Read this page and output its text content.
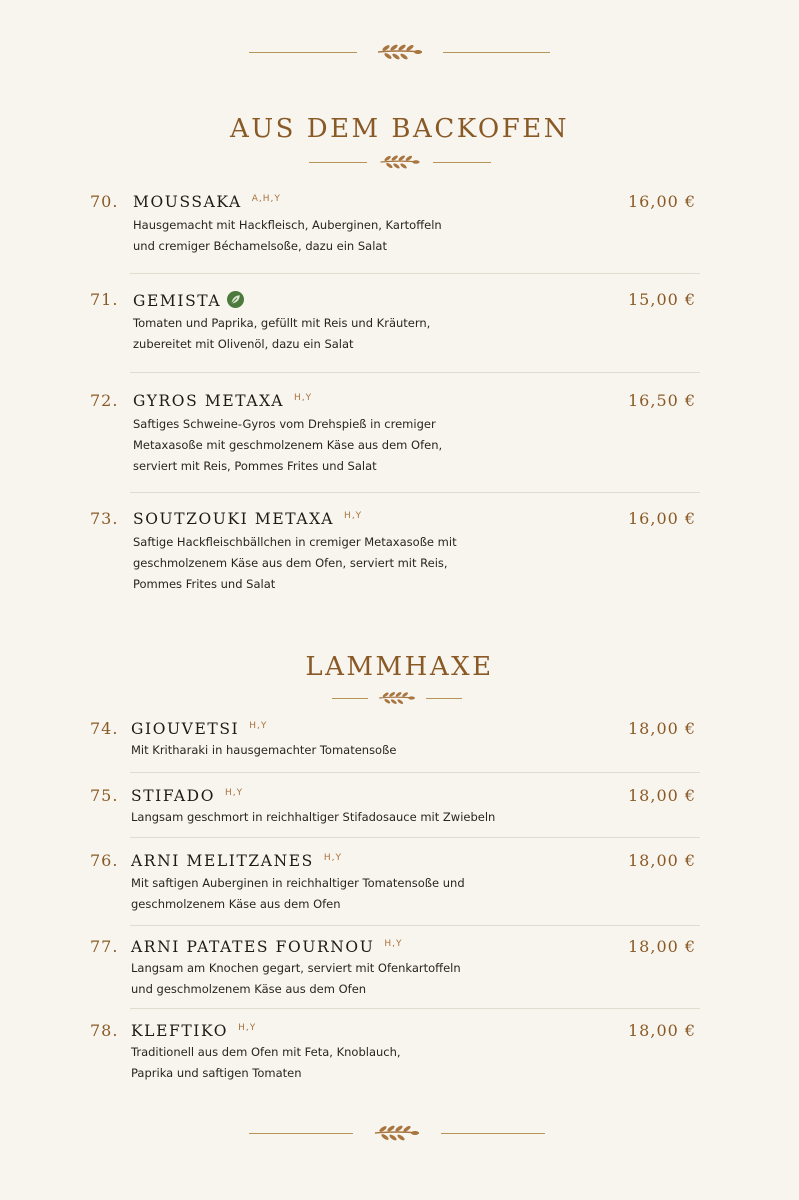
AUS DEM BACKOFEN
70. MOUSSAKA $^{A,H,Y}$	16,00 €
Hausgemacht mit Hackfleisch, Auberginen, Kartoffeln
und cremiger Béchamelsoße, dazu ein Salat
71. GEMISTA	15,00 €
Tomaten und Paprika, gefüllt mit Reis und Kräutern,
zubereitet mit Olivenöl, dazu ein Salat
72. GYROS METAXA $^{H,Y}$	16,50 €
Saftiges Schweine-Gyros vom Drehspieß in cremiger
Metaxasoße mit geschmolzenem Käse aus dem Ofen,
serviert mit Reis, Pommes Frites und Salat
73. SOUTZOUKI METAXA $^{H,Y}$	16,00 €
Saftige Hackfleischbällchen in cremiger Metaxasoße mit
geschmolzenem Käse aus dem Ofen, serviert mit Reis,
Pommes Frites und Salat
LAMMHAXE
74. GIOUVETSI $^{H,Y}$	18,00 €
Mit Kritharaki in hausgemachter Tomatensoße
75. STIFADO $^{H,Y}$	18,00 €
Langsam geschmort in reichhaltiger Stifadosauce mit Zwiebeln
76. ARNI MELITZANES $^{H,Y}$	18,00 €
Mit saftigen Auberginen in reichhaltiger Tomatensoße und
geschmolzenem Käse aus dem Ofen
77. ARNI PATATES FOURNOU $^{H,Y}$	18,00 €
Langsam am Knochen gegart, serviert mit Ofenkartoffeln
und geschmolzenem Käse aus dem Ofen
78. KLEFTIKO $^{H,Y}$	18,00 €
Traditionell aus dem Ofen mit Feta, Knoblauch,
Paprika und saftigen Tomaten
